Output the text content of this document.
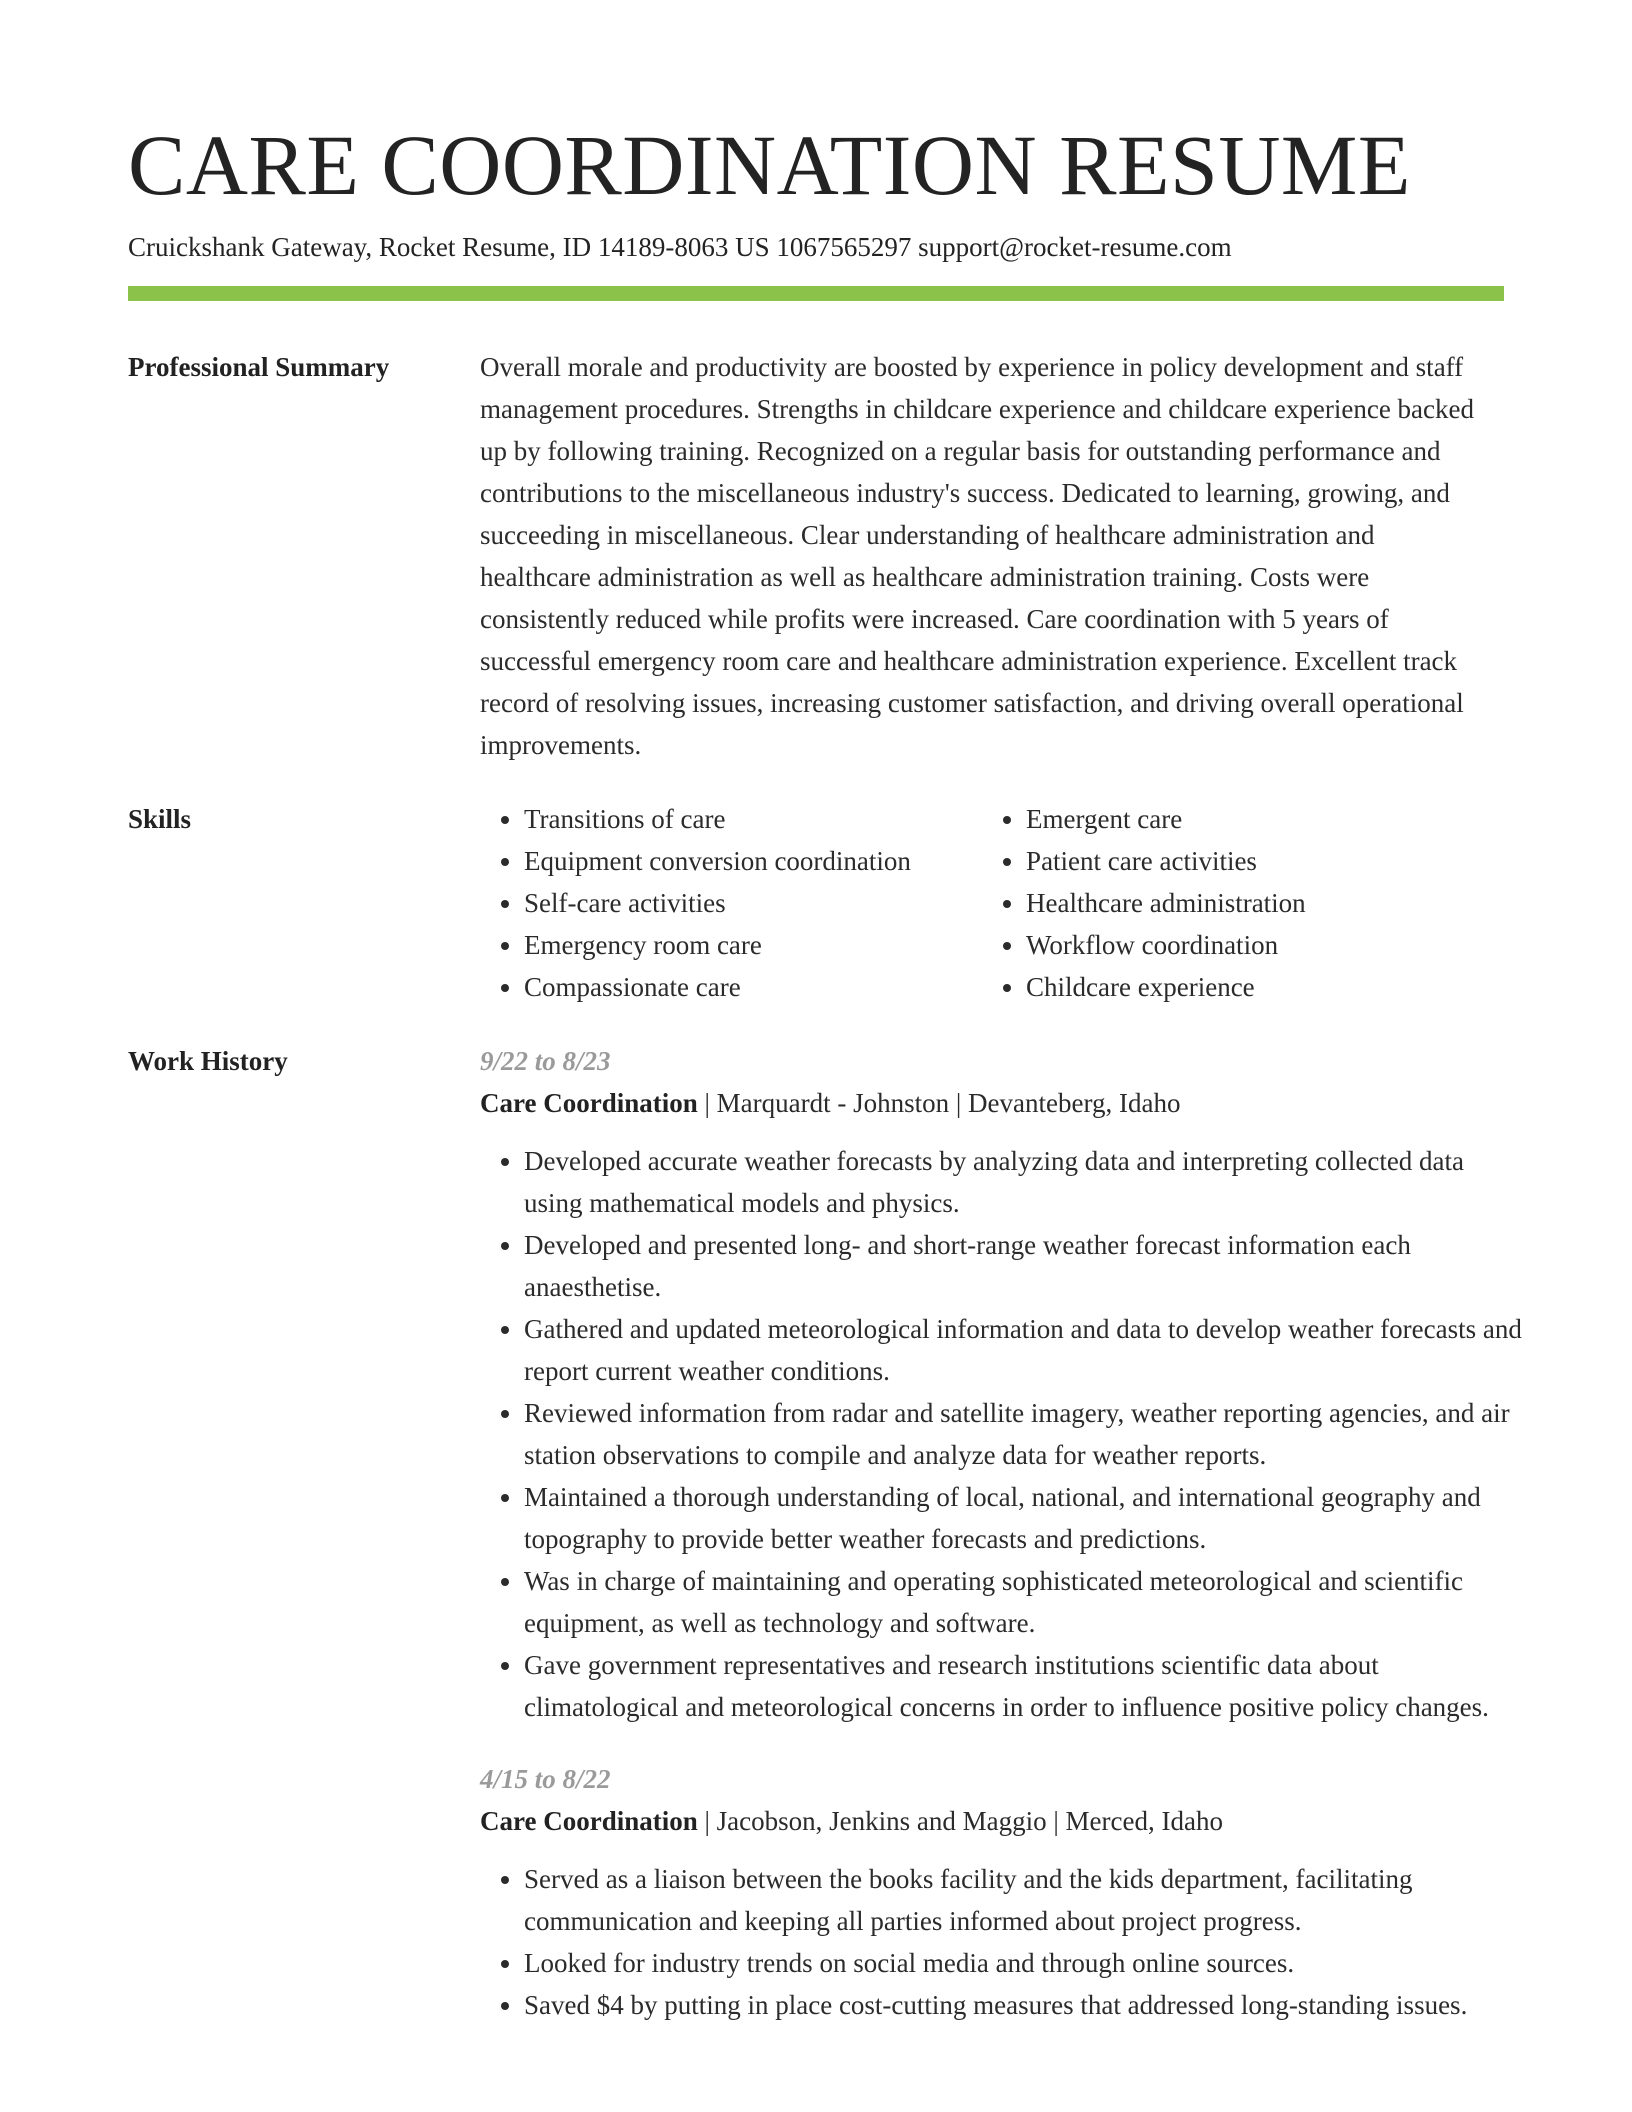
CARE COORDINATION RESUME
Cruickshank Gateway, Rocket Resume, ID 14189-8063 US 1067565297 support@rocket-resume.com
Professional Summary	Overall morale and productivity are boosted by experience in policy development and staff management procedures. Strengths in childcare experience and childcare experience backed up by following training. Recognized on a regular basis for outstanding performance and contributions to the miscellaneous industry's success. Dedicated to learning, growing, and succeeding in miscellaneous. Clear understanding of healthcare administration and healthcare administration as well as healthcare administration training. Costs were consistently reduced while profits were increased. Care coordination with 5 years of successful emergency room care and healthcare administration experience. Excellent track record of resolving issues, increasing customer satisfaction, and driving overall operational improvements.

Skills
•	Transitions of care
• Equipment conversion coordination
• Self-care activities
• Emergency room care
• Compassionate care
• Emergent care
• Patient care activities
• Healthcare administration
• Workflow coordination
• Childcare experience
Work History	9/22 to 8/23
Care Coordination | Marquardt - Johnston | Devanteberg, Idaho
• Developed accurate weather forecasts by analyzing data and interpreting collected data using mathematical models and physics.
• Developed and presented long- and short-range weather forecast information each anaesthetise.
• Gathered and updated meteorological information and data to develop weather forecasts and report current weather conditions.
• Reviewed information from radar and satellite imagery, weather reporting agencies, and air station observations to compile and analyze data for weather reports.
• Maintained a thorough understanding of local, national, and international geography and topography to provide better weather forecasts and predictions.
• Was in charge of maintaining and operating sophisticated meteorological and scientific equipment, as well as technology and software.
• Gave government representatives and research institutions scientific data about climatological and meteorological concerns in order to influence positive policy changes.
4/15 to 8/22
Care Coordination | Jacobson, Jenkins and Maggio | Merced, Idaho
• Served as a liaison between the books facility and the kids department, facilitating communication and keeping all parties informed about project progress.
• Looked for industry trends on social media and through online sources.
• Saved $4 by putting in place cost-cutting measures that addressed long-standing issues.
